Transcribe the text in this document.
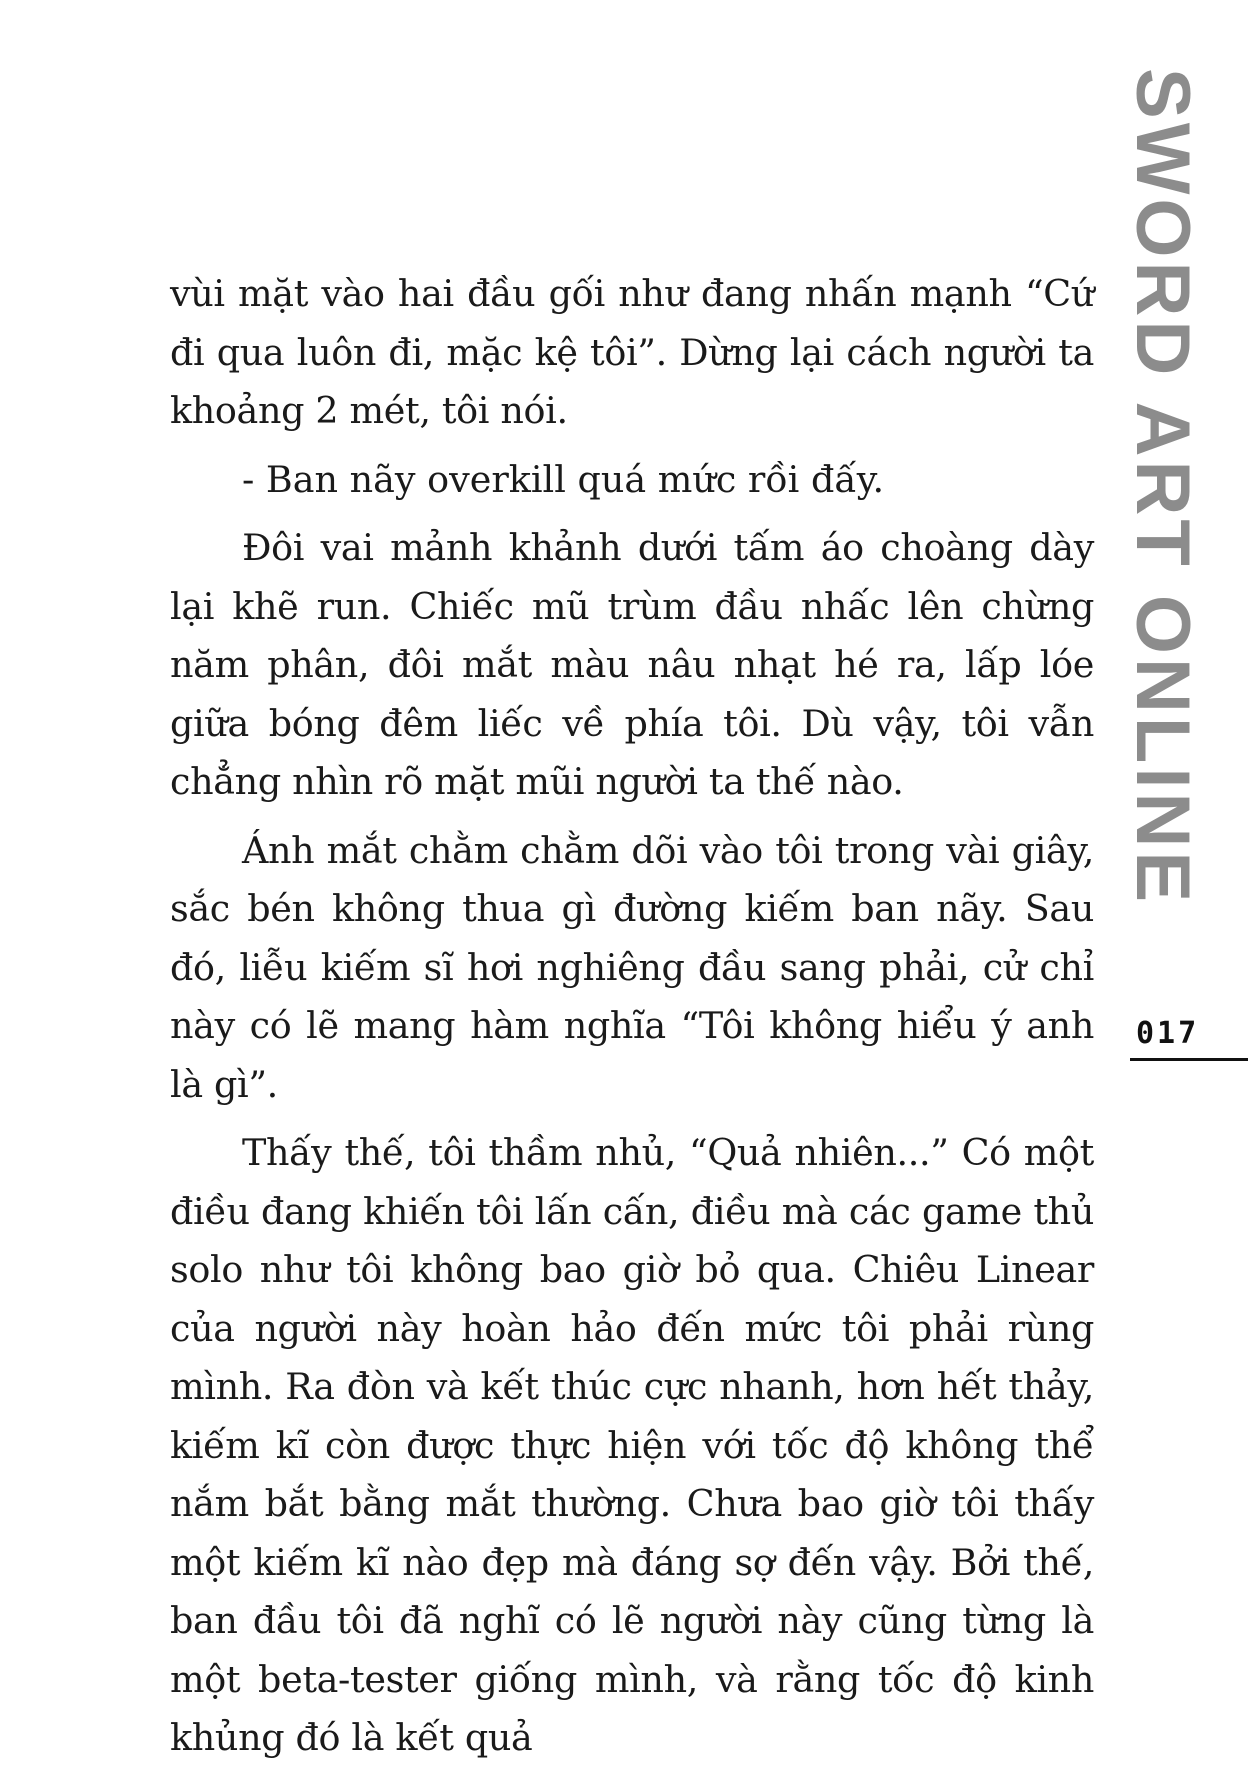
SWORD ART ONLINE
017

vùi mặt vào hai đầu gối như đang nhấn mạnh “Cứ đi qua luôn đi, mặc kệ tôi”. Dừng lại cách người ta khoảng 2 mét, tôi nói.

- Ban nãy overkill quá mức rồi đấy.

Đôi vai mảnh khảnh dưới tấm áo choàng dày lại khẽ run. Chiếc mũ trùm đầu nhấc lên chừng năm phân, đôi mắt màu nâu nhạt hé ra, lấp lóe giữa bóng đêm liếc về phía tôi. Dù vậy, tôi vẫn chẳng nhìn rõ mặt mũi người ta thế nào.

Ánh mắt chằm chằm dõi vào tôi trong vài giây, sắc bén không thua gì đường kiếm ban nãy. Sau đó, liễu kiếm sĩ hơi nghiêng đầu sang phải, cử chỉ này có lẽ mang hàm nghĩa “Tôi không hiểu ý anh là gì”.

Thấy thế, tôi thầm nhủ, “Quả nhiên...” Có một điều đang khiến tôi lấn cấn, điều mà các game thủ solo như tôi không bao giờ bỏ qua. Chiêu Linear của người này hoàn hảo đến mức tôi phải rùng mình. Ra đòn và kết thúc cực nhanh, hơn hết thảy, kiếm kĩ còn được thực hiện với tốc độ không thể nắm bắt bằng mắt thường. Chưa bao giờ tôi thấy một kiếm kĩ nào đẹp mà đáng sợ đến vậy. Bởi thế, ban đầu tôi đã nghĩ có lẽ người này cũng từng là một beta-tester giống mình, và rằng tốc độ kinh khủng đó là kết quả
